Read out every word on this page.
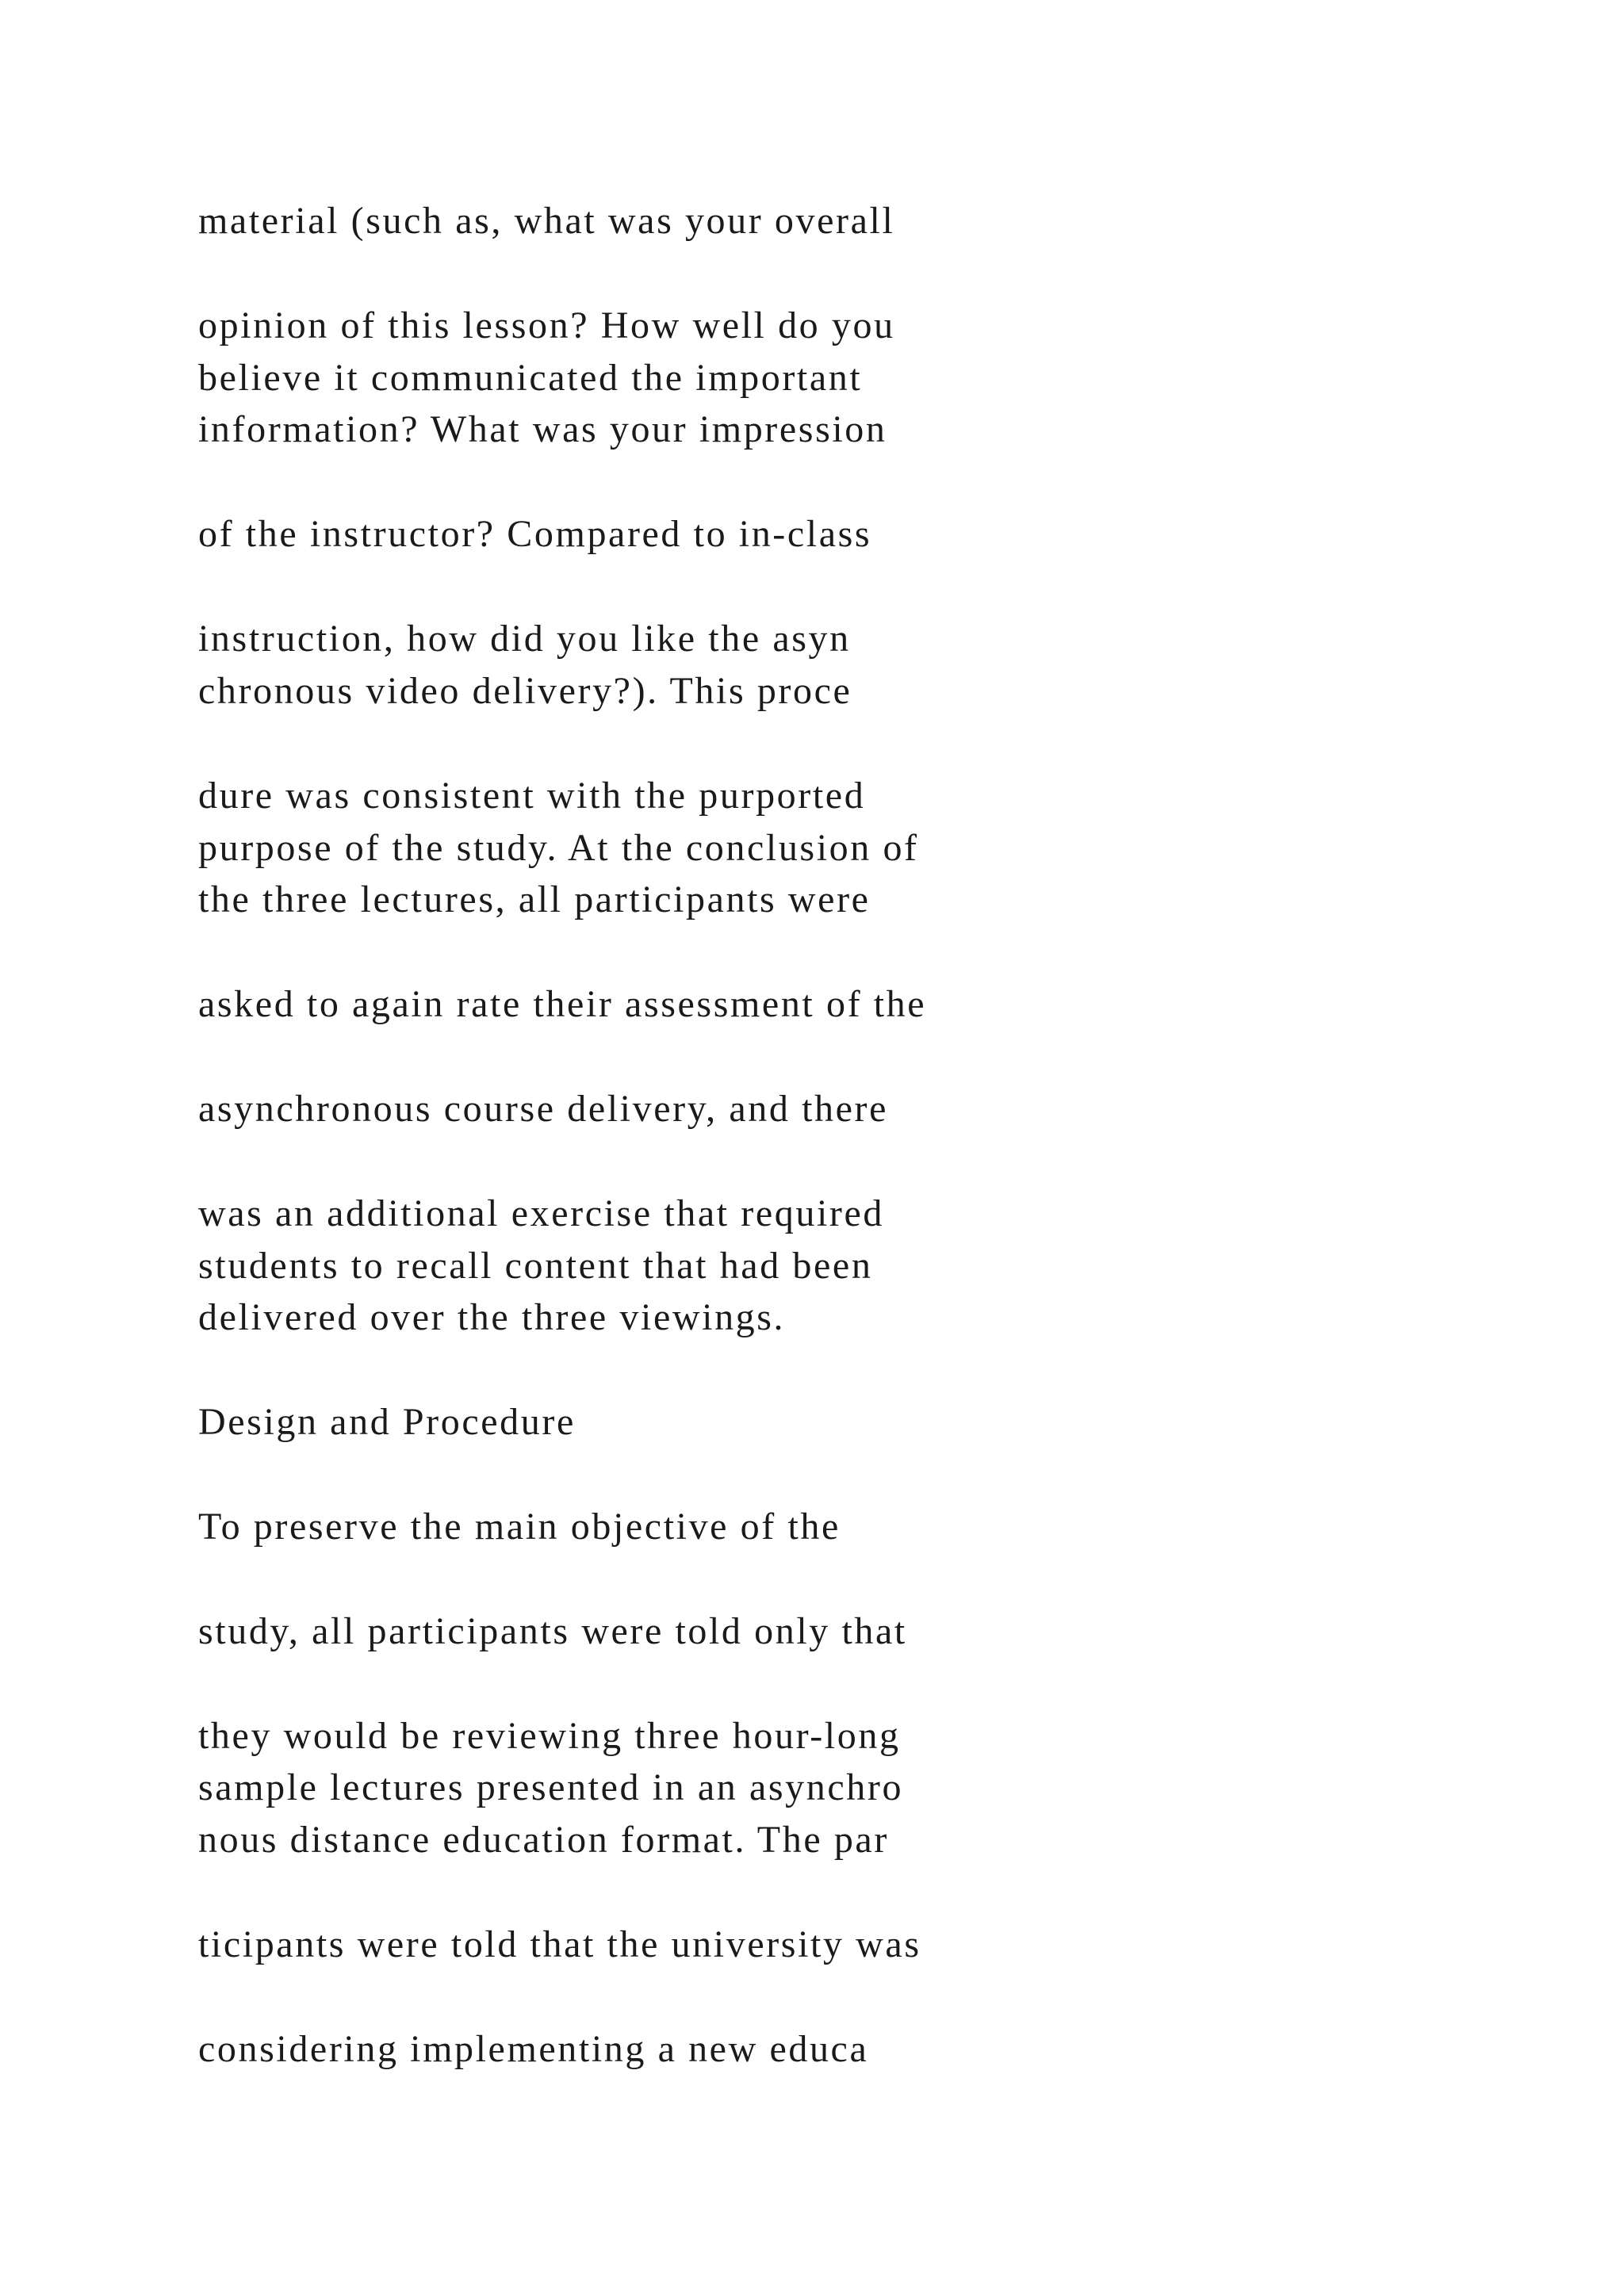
material (such as, what was your overall

opinion of this lesson? How well do you

believe it communicated the important

information? What was your impression

of the instructor? Compared to in-class

instruction, how did you like the asyn

chronous video delivery?). This proce

dure was consistent with the purported

purpose of the study. At the conclusion of

the three lectures, all participants were

asked to again rate their assessment of the

asynchronous course delivery, and there

was an additional exercise that required

students to recall content that had been

delivered over the three viewings.

Design and Procedure

To preserve the main objective of the

study, all participants were told only that

they would be reviewing three hour-long

sample lectures presented in an asynchro

nous distance education format. The par

ticipants were told that the university was

considering implementing a new educa
